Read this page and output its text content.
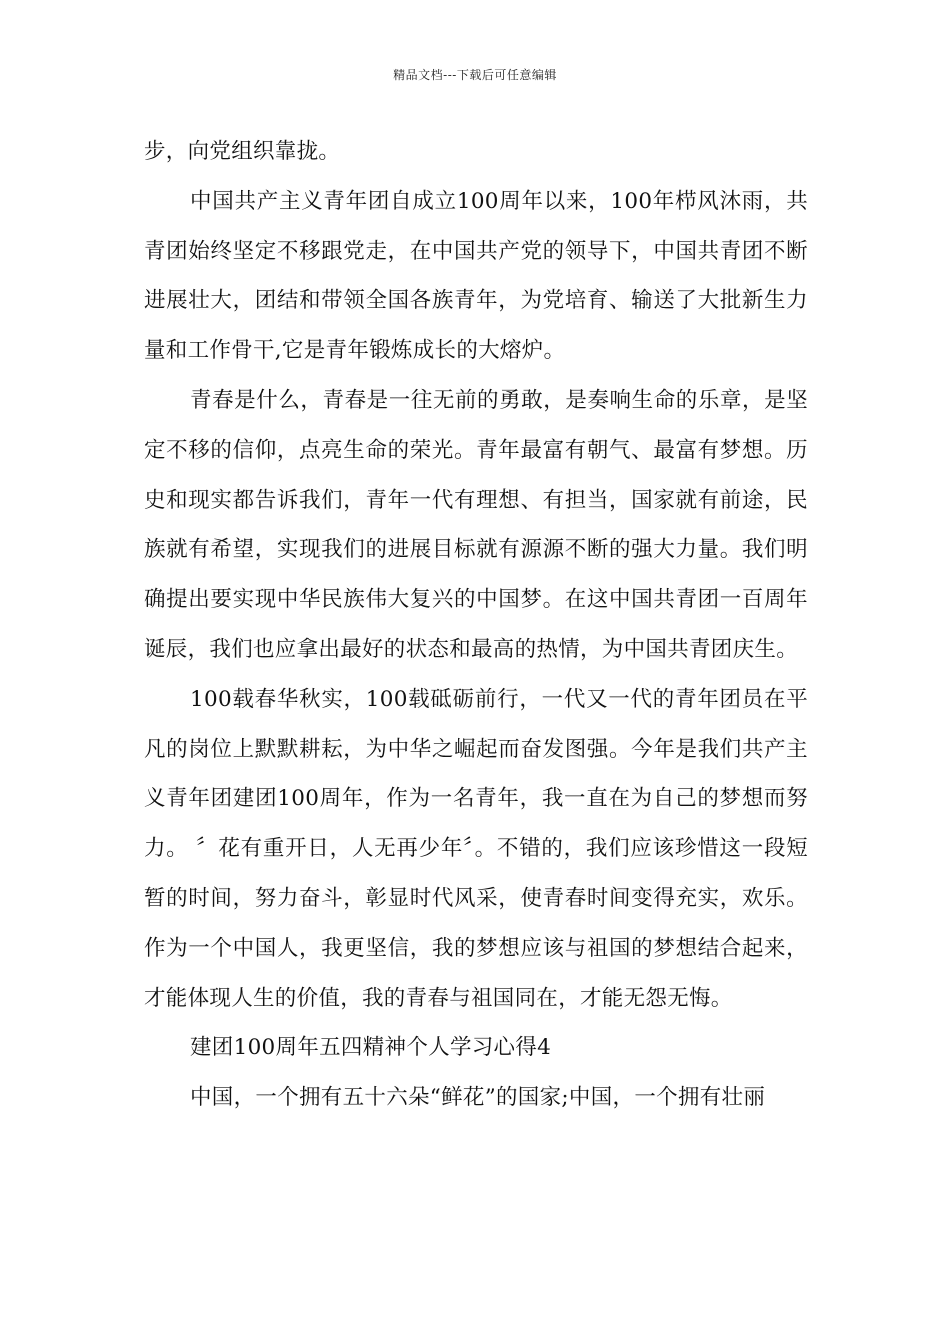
精品文档---下载后可任意编辑

步，向党组织靠拢。

中国共产主义青年团自成立100周年以来，100年栉风沐雨，共青团始终坚定不移跟党走，在中国共产党的领导下，中国共青团不断进展壮大，团结和带领全国各族青年，为党培育、输送了大批新生力量和工作骨干,它是青年锻炼成长的大熔炉。

青春是什么，青春是一往无前的勇敢，是奏响生命的乐章，是坚定不移的信仰，点亮生命的荣光。青年最富有朝气、最富有梦想。历史和现实都告诉我们，青年一代有理想、有担当，国家就有前途，民族就有希望，实现我们的进展目标就有源源不断的强大力量。我们明确提出要实现中华民族伟大复兴的中国梦。在这中国共青团一百周年诞辰，我们也应拿出最好的状态和最高的热情，为中国共青团庆生。

100载春华秋实，100载砥砺前行，一代又一代的青年团员在平凡的岗位上默默耕耘，为中华之崛起而奋发图强。今年是我们共产主义青年团建团100周年，作为一名青年，我一直在为自己的梦想而努力。 〞花有重开日，人无再少年〞。不错的，我们应该珍惜这一段短暂的时间，努力奋斗，彰显时代风采，使青春时间变得充实，欢乐。作为一个中国人，我更坚信，我的梦想应该与祖国的梦想结合起来，才能体现人生的价值，我的青春与祖国同在，才能无怨无悔。

建团100周年五四精神个人学习心得4

中国，一个拥有五十六朵“鲜花”的国家;中国，一个拥有壮丽
